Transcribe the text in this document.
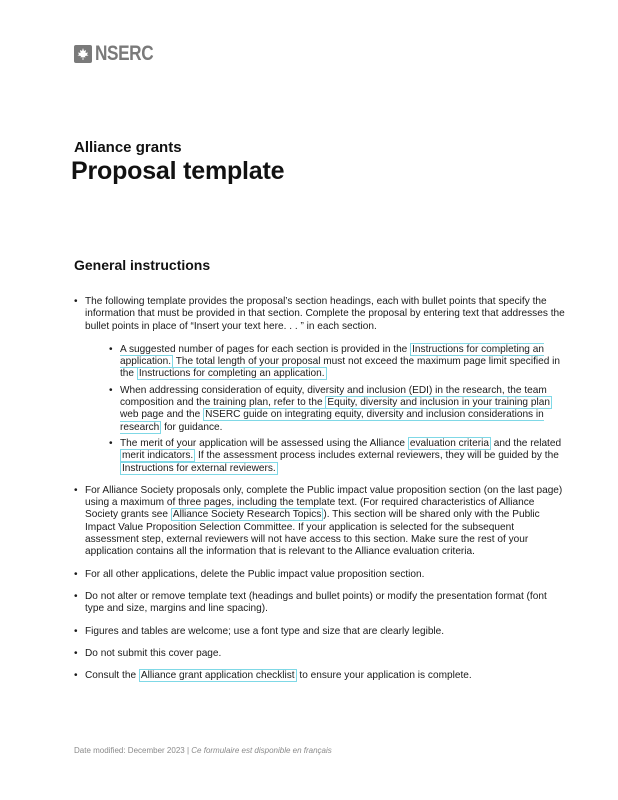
NSERC
Alliance grants
Proposal template
General instructions
• The following template provides the proposal’s section headings, each with bullet points that specify the information that must be provided in that section. Complete the proposal by entering text that addresses the bullet points in place of “Insert your text here. . . ” in each section.
• A suggested number of pages for each section is provided in the Instructions for completing an application. The total length of your proposal must not exceed the maximum page limit specified in the Instructions for completing an application.
• When addressing consideration of equity, diversity and inclusion (EDI) in the research, the team composition and the training plan, refer to the Equity, diversity and inclusion in your training plan web page and the NSERC guide on integrating equity, diversity and inclusion considerations in research for guidance.
• The merit of your application will be assessed using the Alliance evaluation criteria and the related merit indicators. If the assessment process includes external reviewers, they will be guided by the Instructions for external reviewers.
• For Alliance Society proposals only, complete the Public impact value proposition section (on the last page) using a maximum of three pages, including the template text. (For required characteristics of Alliance Society grants see Alliance Society Research Topics ). This section will be shared only with the Public Impact Value Proposition Selection Committee. If your application is selected for the subsequent assessment step, external reviewers will not have access to this section. Make sure the rest of your application contains all the information that is relevant to the Alliance evaluation criteria.
• For all other applications, delete the Public impact value proposition section.
• Do not alter or remove template text (headings and bullet points) or modify the presentation format (font type and size, margins and line spacing).
• Figures and tables are welcome; use a font type and size that are clearly legible.
• Do not submit this cover page.
• Consult the Alliance grant application checklist to ensure your application is complete.
Date modified: December 2023 | Ce formulaire est disponible en français
